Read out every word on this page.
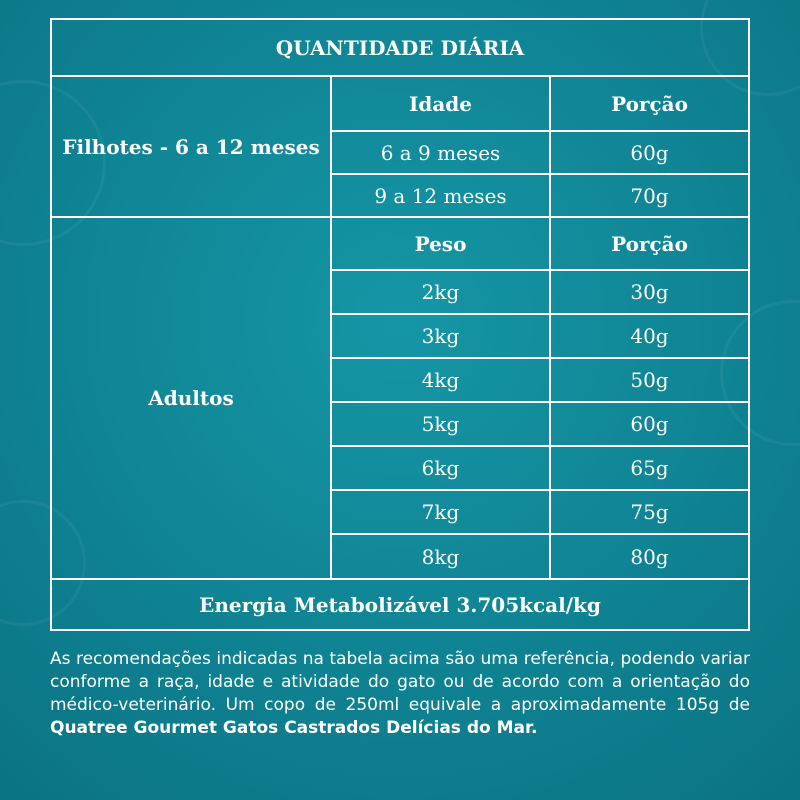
QUANTIDADE DIÁRIA
Filhotes - 6 a 12 meses
Idade	Porção
6 a 9 meses	60g
9 a 12 meses	70g
Adultos
Peso	Porção
2kg	30g
3kg	40g
4kg	50g
5kg	60g
6kg	65g
7kg	75g
8kg	80g
Energia Metabolizável 3.705kcal/kg
As recomendações indicadas na tabela acima são uma referência, podendo variar conforme a raça, idade e atividade do gato ou de acordo com a orientação do médico-veterinário. Um copo de 250ml equivale a aproximadamente 105g de Quatree Gourmet Gatos Castrados Delícias do Mar.
